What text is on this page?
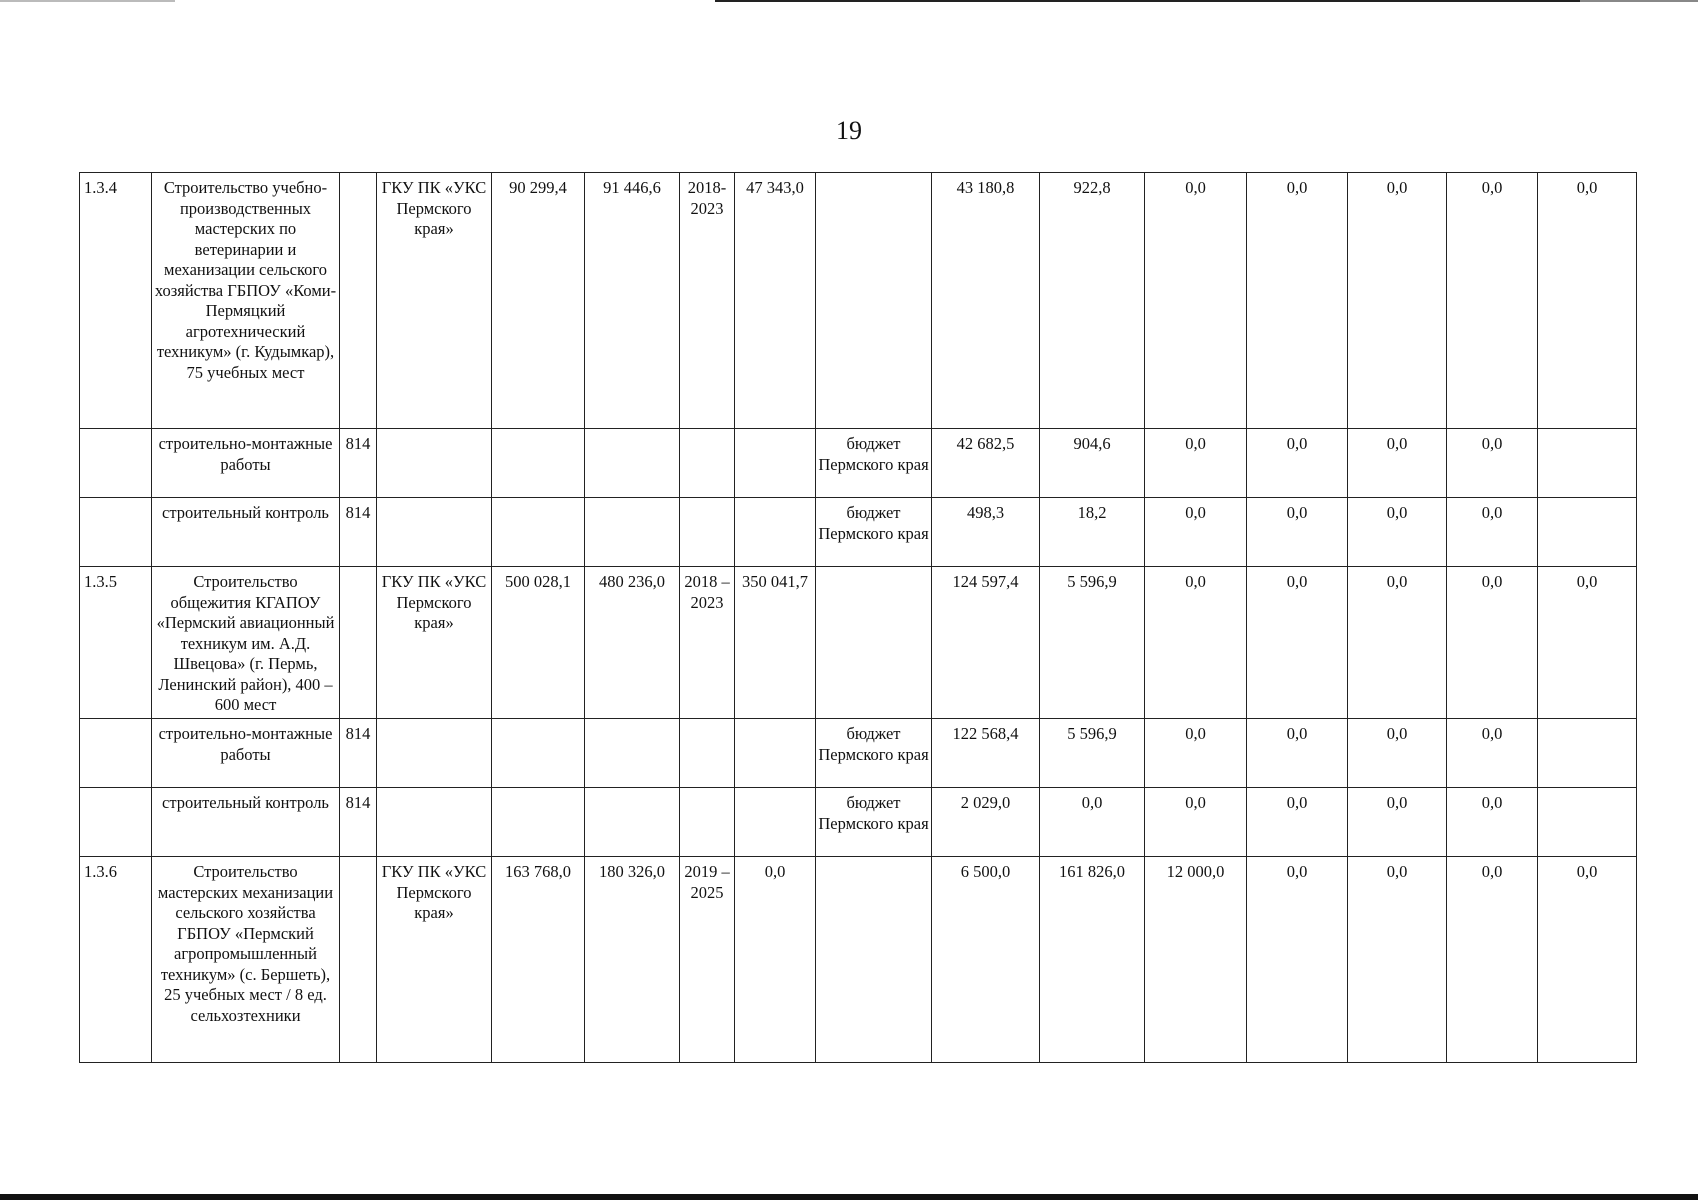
19
1.3.4	Строительство учебно-производственных мастерских по ветеринарии и механизации сельского хозяйства ГБПОУ «Коми-Пермяцкий агротехнический техникум» (г. Кудымкар), 75 учебных мест		ГКУ ПК «УКС Пермского края»	90 299,4	91 446,6	2018-2023	47 343,0		43 180,8	922,8	0,0	0,0	0,0	0,0	0,0
	строительно-монтажные работы	814						бюджет Пермского края	42 682,5	904,6	0,0	0,0	0,0	0,0	
	строительный контроль	814						бюджет Пермского края	498,3	18,2	0,0	0,0	0,0	0,0	
1.3.5	Строительство общежития КГАПОУ «Пермский авиационный техникум им. А.Д. Швецова» (г. Пермь, Ленинский район), 400 – 600 мест		ГКУ ПК «УКС Пермского края»	500 028,1	480 236,0	2018 – 2023	350 041,7		124 597,4	5 596,9	0,0	0,0	0,0	0,0	0,0
	строительно-монтажные работы	814						бюджет Пермского края	122 568,4	5 596,9	0,0	0,0	0,0	0,0	
	строительный контроль	814						бюджет Пермского края	2 029,0	0,0	0,0	0,0	0,0	0,0	
1.3.6	Строительство мастерских механизации сельского хозяйства ГБПОУ «Пермский агропромышленный техникум» (с. Бершеть), 25 учебных мест / 8 ед. сельхозтехники		ГКУ ПК «УКС Пермского края»	163 768,0	180 326,0	2019 – 2025	0,0		6 500,0	161 826,0	12 000,0	0,0	0,0	0,0	0,0
